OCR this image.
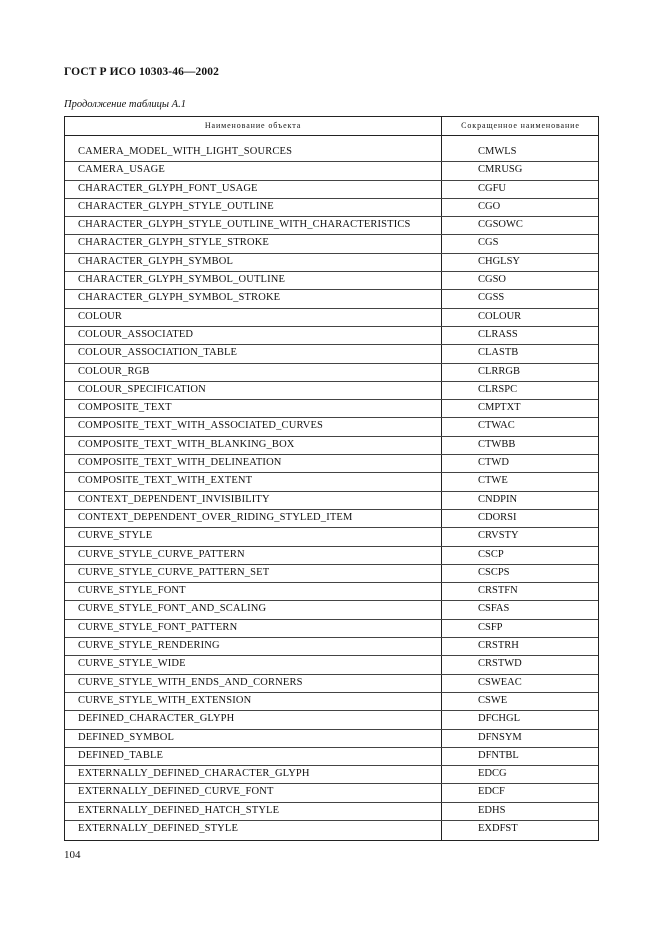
ГОСТ Р ИСО 10303-46—2002
Продолжение таблицы А.1
Наименование объекта	Сокращенное наименование
CAMERA_MODEL_WITH_LIGHT_SOURCES	CMWLS
CAMERA_USAGE	CMRUSG
CHARACTER_GLYPH_FONT_USAGE	CGFU
CHARACTER_GLYPH_STYLE_OUTLINE	CGO
CHARACTER_GLYPH_STYLE_OUTLINE_WITH_CHARACTERISTICS	CGSOWC
CHARACTER_GLYPH_STYLE_STROKE	CGS
CHARACTER_GLYPH_SYMBOL	CHGLSY
CHARACTER_GLYPH_SYMBOL_OUTLINE	CGSO
CHARACTER_GLYPH_SYMBOL_STROKE	CGSS
COLOUR	COLOUR
COLOUR_ASSOCIATED	CLRASS
COLOUR_ASSOCIATION_TABLE	CLASTB
COLOUR_RGB	CLRRGB
COLOUR_SPECIFICATION	CLRSPC
COMPOSITE_TEXT	CMPTXT
COMPOSITE_TEXT_WITH_ASSOCIATED_CURVES	CTWAC
COMPOSITE_TEXT_WITH_BLANKING_BOX	CTWBB
COMPOSITE_TEXT_WITH_DELINEATION	CTWD
COMPOSITE_TEXT_WITH_EXTENT	CTWE
CONTEXT_DEPENDENT_INVISIBILITY	CNDPIN
CONTEXT_DEPENDENT_OVER_RIDING_STYLED_ITEM	CDORSI
CURVE_STYLE	CRVSTY
CURVE_STYLE_CURVE_PATTERN	CSCP
CURVE_STYLE_CURVE_PATTERN_SET	CSCPS
CURVE_STYLE_FONT	CRSTFN
CURVE_STYLE_FONT_AND_SCALING	CSFAS
CURVE_STYLE_FONT_PATTERN	CSFP
CURVE_STYLE_RENDERING	CRSTRH
CURVE_STYLE_WIDE	CRSTWD
CURVE_STYLE_WITH_ENDS_AND_CORNERS	CSWEAC
CURVE_STYLE_WITH_EXTENSION	CSWE
DEFINED_CHARACTER_GLYPH	DFCHGL
DEFINED_SYMBOL	DFNSYM
DEFINED_TABLE	DFNTBL
EXTERNALLY_DEFINED_CHARACTER_GLYPH	EDCG
EXTERNALLY_DEFINED_CURVE_FONT	EDCF
EXTERNALLY_DEFINED_HATCH_STYLE	EDHS
EXTERNALLY_DEFINED_STYLE	EXDFST
104
